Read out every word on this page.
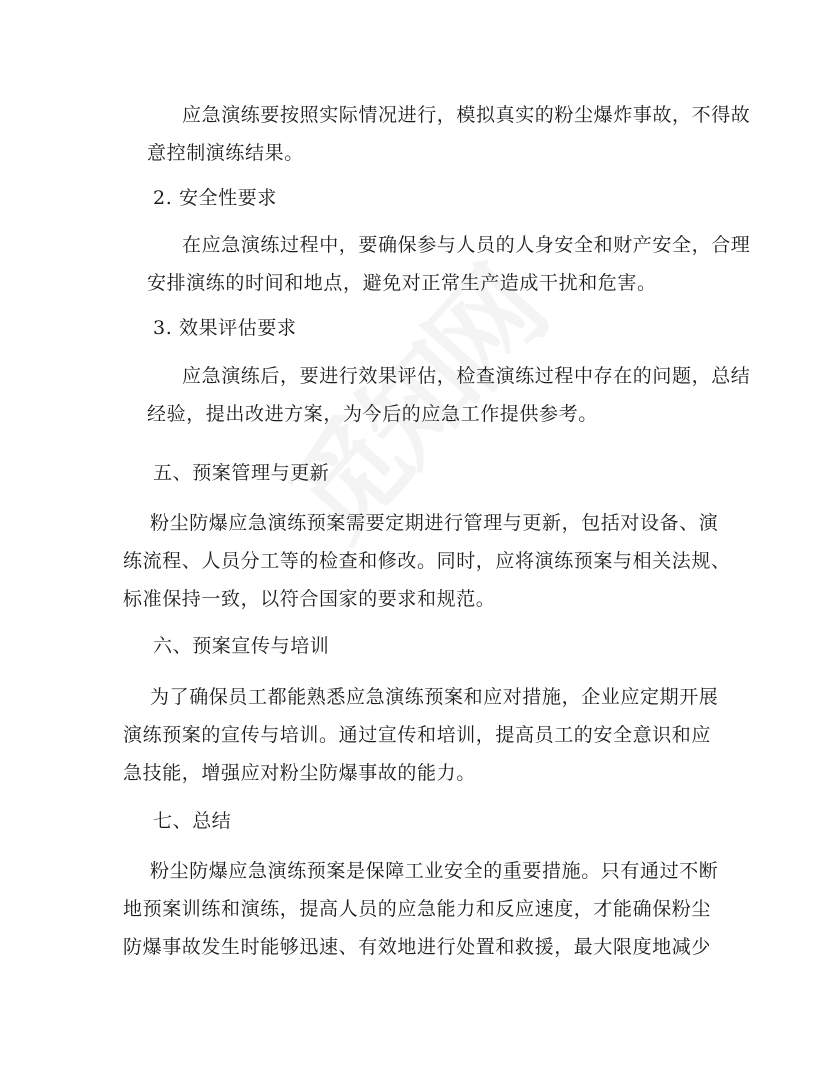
应急演练要按照实际情况进行，模拟真实的粉尘爆炸事故，不得故
意控制演练结果。
2. 安全性要求
在应急演练过程中，要确保参与人员的人身安全和财产安全，合理
安排演练的时间和地点，避免对正常生产造成干扰和危害。
3. 效果评估要求
应急演练后，要进行效果评估，检查演练过程中存在的问题，总结
经验，提出改进方案，为今后的应急工作提供参考。
五、预案管理与更新
粉尘防爆应急演练预案需要定期进行管理与更新，包括对设备、演
练流程、人员分工等的检查和修改。同时，应将演练预案与相关法规、
标准保持一致，以符合国家的要求和规范。
六、预案宣传与培训
为了确保员工都能熟悉应急演练预案和应对措施，企业应定期开展
演练预案的宣传与培训。通过宣传和培训，提高员工的安全意识和应
急技能，增强应对粉尘防爆事故的能力。
七、总结
粉尘防爆应急演练预案是保障工业安全的重要措施。只有通过不断
地预案训练和演练，提高人员的应急能力和反应速度，才能确保粉尘
防爆事故发生时能够迅速、有效地进行处置和救援，最大限度地减少
